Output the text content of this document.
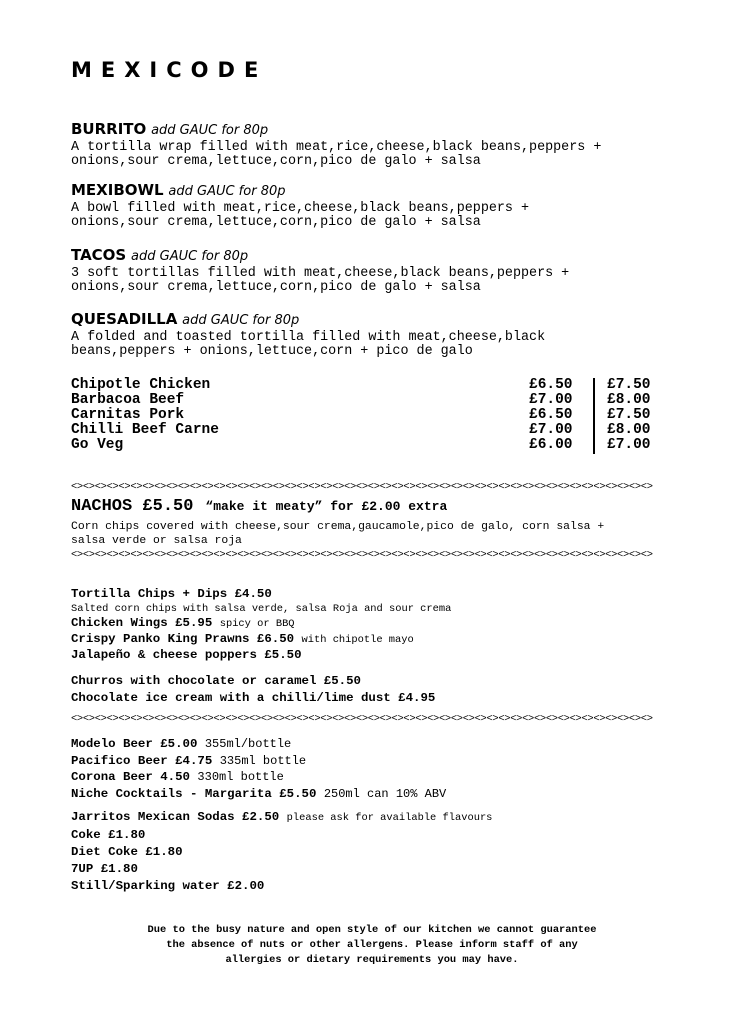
MEXICODE
BURRITO add GAUC for 80p
A tortilla wrap filled with meat,rice,cheese,black beans,peppers +
onions,sour crema,lettuce,corn,pico de galo + salsa
MEXIBOWL add GAUC for 80p
A bowl filled with meat,rice,cheese,black beans,peppers +
onions,sour crema,lettuce,corn,pico de galo + salsa
TACOS add GAUC for 80p
3 soft tortillas filled with meat,cheese,black beans,peppers +
onions,sour crema,lettuce,corn,pico de galo + salsa
QUESADILLA add GAUC for 80p
A folded and toasted tortilla filled with meat,cheese,black
beans,peppers + onions,lettuce,corn + pico de galo
Chipotle Chicken	£6.50 £7.50
Barbacoa Beef	£7.00 £8.00
Carnitas Pork	£6.50 £7.50
Chilli Beef Carne	£7.00 £8.00
Go Veg	£6.00 £7.00
<><><><><><><><><><><><><><><><><><><><><><><><><><><><><><><><><><><><><><><><><><><><><><><><><>
NACHOS £5.50 “make it meaty” for £2.00 extra
Corn chips covered with cheese,sour crema,gaucamole,pico de galo, corn salsa +
salsa verde or salsa roja
<><><><><><><><><><><><><><><><><><><><><><><><><><><><><><><><><><><><><><><><><><><><><><><><><>
Tortilla Chips + Dips £4.50
Salted corn chips with salsa verde, salsa Roja and sour crema
Chicken Wings £5.95 spicy or BBQ
Crispy Panko King Prawns £6.50 with chipotle mayo
Jalapeño & cheese poppers £5.50
Churros with chocolate or caramel £5.50
Chocolate ice cream with a chilli/lime dust £4.95
<><><><><><><><><><><><><><><><><><><><><><><><><><><><><><><><><><><><><><><><><><><><><><><><><>
Modelo Beer £5.00 355ml/bottle
Pacifico Beer £4.75 335ml bottle
Corona Beer 4.50 330ml bottle
Niche Cocktails - Margarita £5.50 250ml can 10% ABV
Jarritos Mexican Sodas £2.50 please ask for available flavours
Coke £1.80
Diet Coke £1.80
7UP £1.80
Still/Sparking water £2.00
Due to the busy nature and open style of our kitchen we cannot guarantee
the absence of nuts or other allergens. Please inform staff of any
allergies or dietary requirements you may have.
